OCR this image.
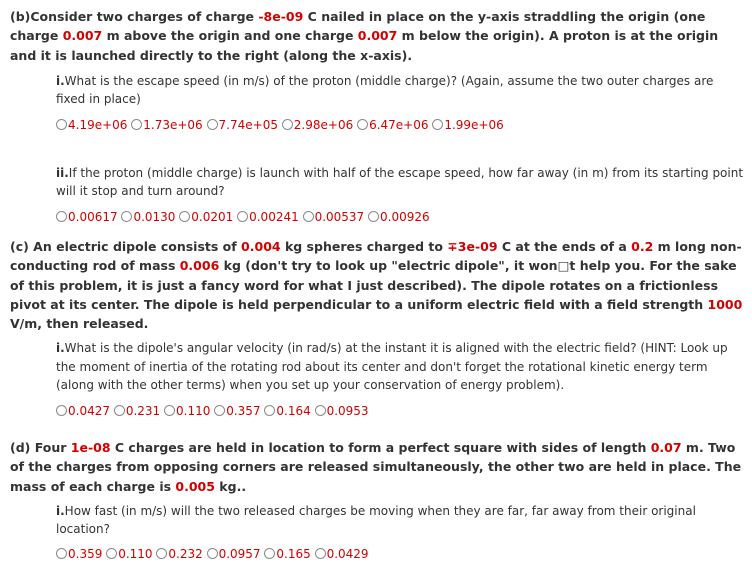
(b)Consider two charges of charge -8e-09 C nailed in place on the y-axis straddling the origin (one charge 0.007 m above the origin and one charge 0.007 m below the origin). A proton is at the origin and it is launched directly to the right (along the x-axis).

i.What is the escape speed (in m/s) of the proton (middle charge)? (Again, assume the two outer charges are fixed in place)

4.19e+06 1.73e+06 7.74e+05 2.98e+06 6.47e+06 1.99e+06

ii.If the proton (middle charge) is launch with half of the escape speed, how far away (in m) from its starting point will it stop and turn around?

0.00617 0.0130 0.0201 0.00241 0.00537 0.00926

(c) An electric dipole consists of 0.004 kg spheres charged to ∓3e-09 C at the ends of a 0.2 m long non-conducting rod of mass 0.006 kg (don't try to look up "electric dipole", it won□t help you. For the sake of this problem, it is just a fancy word for what I just described). The dipole rotates on a frictionless pivot at its center. The dipole is held perpendicular to a uniform electric field with a field strength 1000 V/m, then released.

i.What is the dipole's angular velocity (in rad/s) at the instant it is aligned with the electric field? (HINT: Look up the moment of inertia of the rotating rod about its center and don't forget the rotational kinetic energy term (along with the other terms) when you set up your conservation of energy problem).

0.0427 0.231 0.110 0.357 0.164 0.0953

(d) Four 1e-08 C charges are held in location to form a perfect square with sides of length 0.07 m. Two of the charges from opposing corners are released simultaneously, the other two are held in place. The mass of each charge is 0.005 kg..

i.How fast (in m/s) will the two released charges be moving when they are far, far away from their original location?

0.359 0.110 0.232 0.0957 0.165 0.0429
